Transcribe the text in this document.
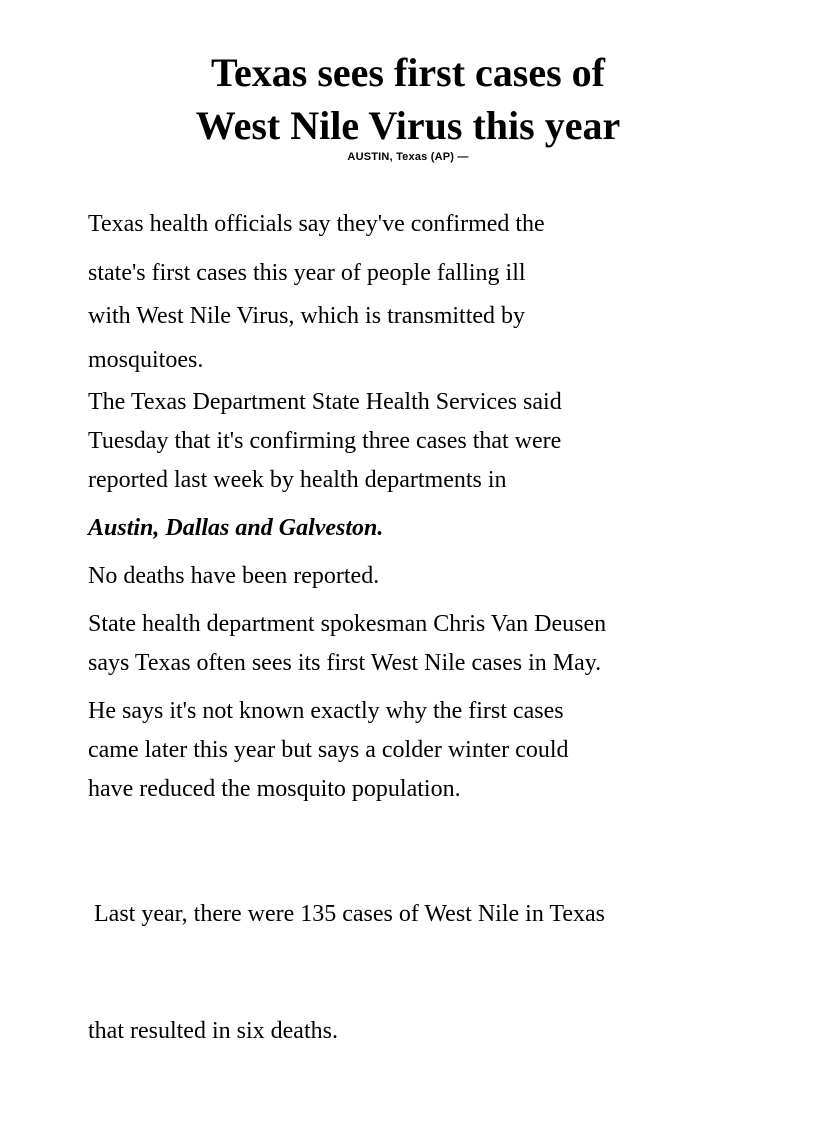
Texas sees first cases of
West Nile Virus this year
AUSTIN, Texas (AP) —
Texas health officials say they've confirmed the
state's first cases this year of people falling ill
with West Nile Virus, which is transmitted by
mosquitoes.
The Texas Department State Health Services said
Tuesday that it's confirming three cases that were
reported last week by health departments in
Austin, Dallas and Galveston.
No deaths have been reported.
State health department spokesman Chris Van Deusen
says Texas often sees its first West Nile cases in May.
He says it's not known exactly why the first cases
came later this year but says a colder winter could
have reduced the mosquito population.

Last year, there were 135 cases of West Nile in Texas

that resulted in six deaths.
